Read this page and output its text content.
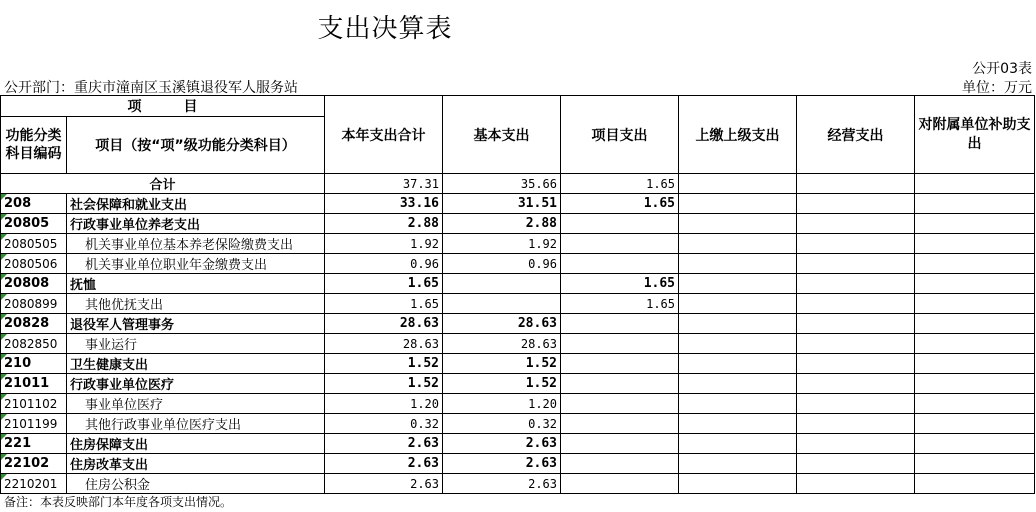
支出决算表
公开03表
公开部门：重庆市潼南区玉溪镇退役军人服务站	单位：万元
项　　　目		本年支出合计	基本支出	项目支出	上缴上级支出	经营支出	对附属单位补助支出
功能分类科目编码	项目（按“项”级功能分类科目）						
合计		37.31	35.66	1.65			

208	社会保障和就业支出	33.16	31.51	1.65			

20805	行政事业单位养老支出	2.88	2.88				

2080505	机关事业单位基本养老保险缴费支出	1.92	1.92				

2080506	机关事业单位职业年金缴费支出	0.96	0.96				

20808	抚恤	1.65		1.65			

2080899	其他优抚支出	1.65		1.65			

20828	退役军人管理事务	28.63	28.63				

2082850	事业运行	28.63	28.63				

210	卫生健康支出	1.52	1.52				

21011	行政事业单位医疗	1.52	1.52				

2101102	事业单位医疗	1.20	1.20				

2101199	其他行政事业单位医疗支出	0.32	0.32				

221	住房保障支出	2.63	2.63				

22102	住房改革支出	2.63	2.63				

2210201	住房公积金	2.63	2.63				
备注：本表反映部门本年度各项支出情况。
